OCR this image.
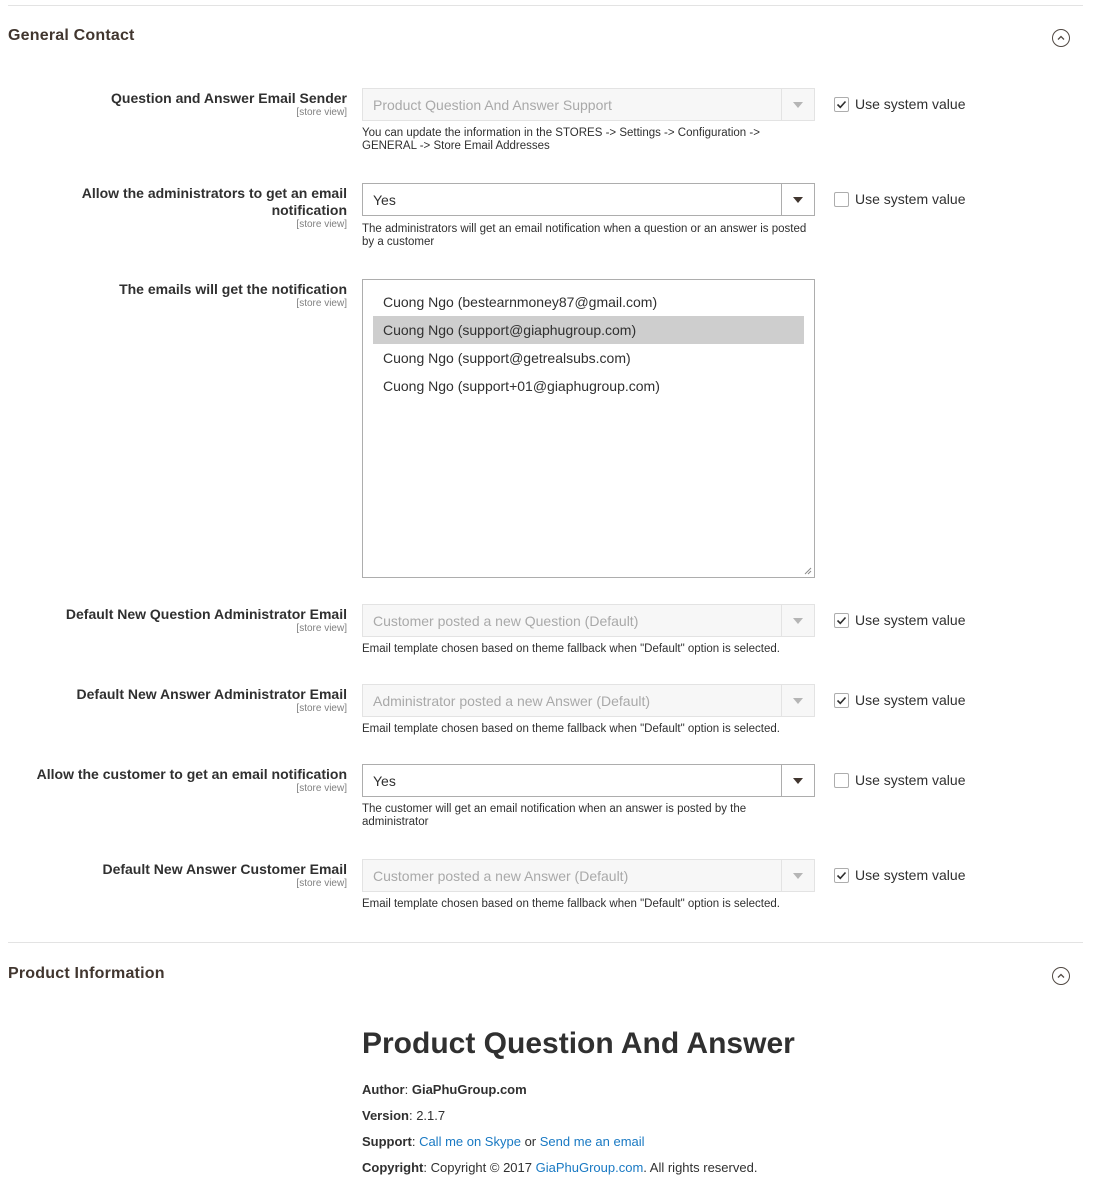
General Contact
Question and Answer Email Sender
[store view] Product Question And Answer Support
You can update the information in the STORES -> Settings -> Configuration -> GENERAL -> Store Email Addresses
Use system value
Allow the administrators to get an email notification
[store view]
Yes
The administrators will get an email notification when a question or an answer is posted by a customer
Use system value
The emails will get the notification
[store view]	Cuong Ngo (bestearnmoney87@gmail.com)
Cuong Ngo (support@giaphugroup.com)
Cuong Ngo (support@getrealsubs.com)
Cuong Ngo (support+01@giaphugroup.com)
Default New Question Administrator Email
[store view] Customer posted a new Question (Default)
Email template chosen based on theme fallback when "Default" option is selected.
Use system value
Default New Answer Administrator Email
[store view] Administrator posted a new Answer (Default)
Email template chosen based on theme fallback when "Default" option is selected.
Use system value
Allow the customer to get an email notification
[store view] Yes
The customer will get an email notification when an answer is posted by the administrator
Use system value
Default New Answer Customer Email
[store view] Customer posted a new Answer (Default)
Email template chosen based on theme fallback when "Default" option is selected.
Use system value
Product Information
Product Question And Answer
Author: GiaPhuGroup.com
Version: 2.1.7
Support: Call me on Skype or Send me an email
Copyright: Copyright © 2017 GiaPhuGroup.com. All rights reserved.
